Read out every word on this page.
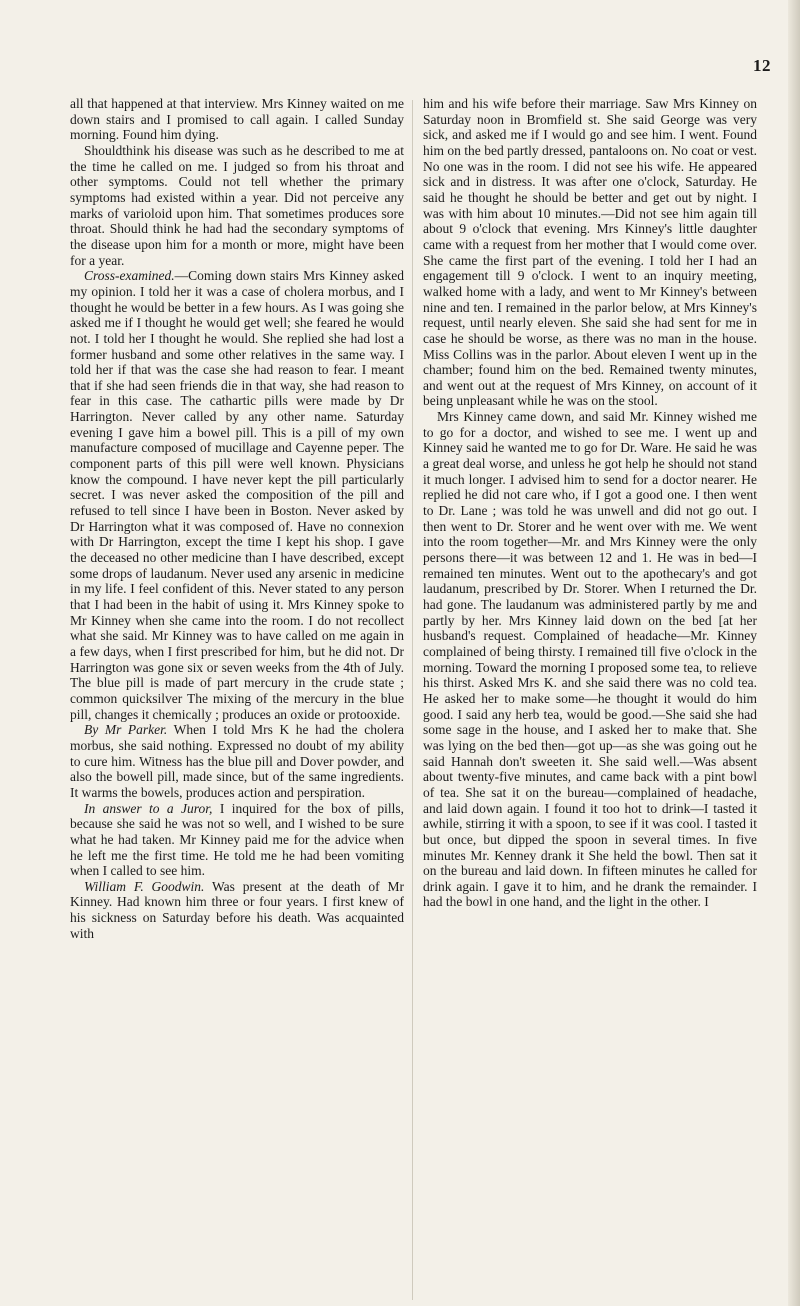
12

all that happened at that interview. Mrs Kinney waited on me down stairs and I promised to call again. I called Sunday morning. Found him dying.

Shouldthink his disease was such as he described to me at the time he called on me. I judged so from his throat and other symptoms. Could not tell whether the primary symptoms had existed within a year. Did not perceive any marks of varioloid upon him. That sometimes produces sore throat. Should think he had had the secondary symptoms of the disease upon him for a month or more, might have been for a year.

Cross-examined.—Coming down stairs Mrs Kinney asked my opinion. I told her it was a case of cholera morbus, and I thought he would be better in a few hours. As I was going she asked me if I thought he would get well; she feared he would not. I told her I thought he would. She replied she had lost a former husband and some other relatives in the same way. I told her if that was the case she had reason to fear. I meant that if she had seen friends die in that way, she had reason to fear in this case. The cathartic pills were made by Dr Harrington. Never called by any other name. Saturday evening I gave him a bowel pill. This is a pill of my own manufacture composed of mucillage and Cayenne peper. The component parts of this pill were well known. Physicians know the compound. I have never kept the pill particularly secret. I was never asked the composition of the pill and refused to tell since I have been in Boston. Never asked by Dr Harrington what it was composed of. Have no connexion with Dr Harrington, except the time I kept his shop. I gave the deceased no other medicine than I have described, except some drops of laudanum. Never used any arsenic in medicine in my life. I feel confident of this. Never stated to any person that I had been in the habit of using it. Mrs Kinney spoke to Mr Kinney when she came into the room. I do not recollect what she said. Mr Kinney was to have called on me again in a few days, when I first prescribed for him, but he did not. Dr Harrington was gone six or seven weeks from the 4th of July. The blue pill is made of part mercury in the crude state ; common quicksilver The mixing of the mercury in the blue pill, changes it chemically ; produces an oxide or protooxide.

By Mr Parker. When I told Mrs K he had the cholera morbus, she said nothing. Expressed no doubt of my ability to cure him. Witness has the blue pill and Dover powder, and also the bowell pill, made since, but of the same ingredients. It warms the bowels, produces action and perspiration.

In answer to a Juror, I inquired for the box of pills, because she said he was not so well, and I wished to be sure what he had taken. Mr Kinney paid me for the advice when he left me the first time. He told me he had been vomiting when I called to see him.

William F. Goodwin. Was present at the death of Mr Kinney. Had known him three or four years. I first knew of his sickness on Saturday before his death. Was acquainted with

him and his wife before their marriage. Saw Mrs Kinney on Saturday noon in Bromfield st. She said George was very sick, and asked me if I would go and see him. I went. Found him on the bed partly dressed, pantaloons on. No coat or vest. No one was in the room. I did not see his wife. He appeared sick and in distress. It was after one o'clock, Saturday. He said he thought he should be better and get out by night. I was with him about 10 minutes.—Did not see him again till about 9 o'clock that evening. Mrs Kinney's little daughter came with a request from her mother that I would come over. She came the first part of the evening. I told her I had an engagement till 9 o'clock. I went to an inquiry meeting, walked home with a lady, and went to Mr Kinney's between nine and ten. I remained in the parlor below, at Mrs Kinney's request, until nearly eleven. She said she had sent for me in case he should be worse, as there was no man in the house. Miss Collins was in the parlor. About eleven I went up in the chamber; found him on the bed. Remained twenty minutes, and went out at the request of Mrs Kinney, on account of it being unpleasant while he was on the stool.

Mrs Kinney came down, and said Mr. Kinney wished me to go for a doctor, and wished to see me. I went up and Kinney said he wanted me to go for Dr. Ware. He said he was a great deal worse, and unless he got help he should not stand it much longer. I advised him to send for a doctor nearer. He replied he did not care who, if I got a good one. I then went to Dr. Lane ; was told he was unwell and did not go out. I then went to Dr. Storer and he went over with me. We went into the room together—Mr. and Mrs Kinney were the only persons there—it was between 12 and 1. He was in bed—I remained ten minutes. Went out to the apothecary's and got laudanum, prescribed by Dr. Storer. When I returned the Dr. had gone. The laudanum was administered partly by me and partly by her. Mrs Kinney laid down on the bed [at her husband's request. Complained of headache—Mr. Kinney complained of being thirsty. I remained till five o'clock in the morning. Toward the morning I proposed some tea, to relieve his thirst. Asked Mrs K. and she said there was no cold tea. He asked her to make some—he thought it would do him good. I said any herb tea, would be good.—She said she had some sage in the house, and I asked her to make that. She was lying on the bed then—got up—as she was going out he said Hannah don't sweeten it. She said well.—Was absent about twenty-five minutes, and came back with a pint bowl of tea. She sat it on the bureau—complained of headache, and laid down again. I found it too hot to drink—I tasted it awhile, stirring it with a spoon, to see if it was cool. I tasted it but once, but dipped the spoon in several times. In five minutes Mr. Kenney drank it She held the bowl. Then sat it on the bureau and laid down. In fifteen minutes he called for drink again. I gave it to him, and he drank the remainder. I had the bowl in one hand, and the light in the other. I
